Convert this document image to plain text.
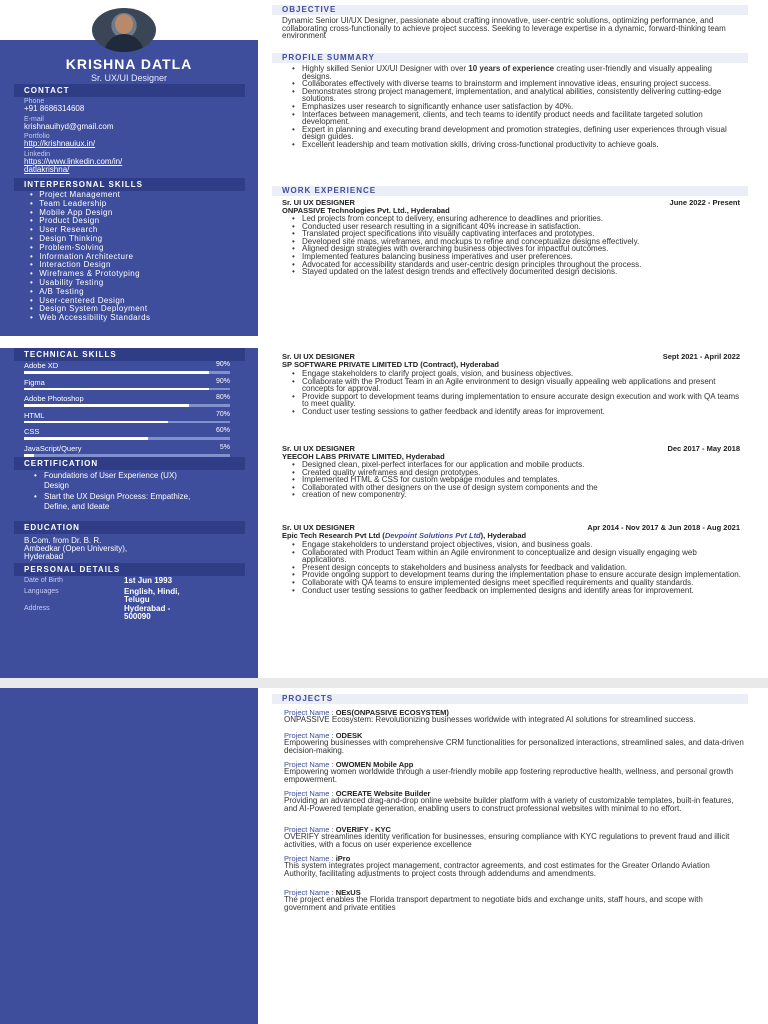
KRISHNA DATLA
Sr. UX/UI Designer
CONTACT
Phone
+91 8686314608
E-mail
krishnauihyd@gmail.com
Portfolio
http://krishnauiux.in/
Linkedin
https://www.linkedin.com/in/
datlakrishna/
INTERPERSONAL SKILLS
• Project Management
• Team Leadership
• Mobile App Design
• Product Design
• User Research
• Design Thinking
• Problem-Solving
• Information Architecture
• Interaction Design
• Wireframes & Prototyping
• Usability Testing
• A/B Testing
• User-centered Design
• Design System Deployment
• Web Accessibility Standards
TECHNICAL SKILLS
Adobe XD	90%
Figma	90%
Adobe Photoshop	80%
HTML	70%
CSS	60%
JavaScript/Query	5%
CERTIFICATION
• Foundations of User Experience (UX) Design
• Start the UX Design Process: Empathize, Define, and Ideate
EDUCATION
B.Com. from Dr. B. R.
Ambedkar (Open University),
Hyderabad
PERSONAL DETAILS
Date of Birth	1st Jun 1993
Languages	English, Hindi,
Telugu
Address	Hyderabad -
500090
OBJECTIVE
Dynamic Senior UI/UX Designer, passionate about crafting innovative, user-centric solutions, optimizing performance, and collaborating cross-functionally to achieve project success. Seeking to leverage expertise in a dynamic, forward-thinking team environment
PROFILE SUMMARY
• Highly skilled Senior UX/UI Designer with over 10 years of experience creating user-friendly and visually appealing designs.
• Collaborates effectively with diverse teams to brainstorm and implement innovative ideas, ensuring project success.
• Demonstrates strong project management, implementation, and analytical abilities, consistently delivering cutting-edge solutions.
• Emphasizes user research to significantly enhance user satisfaction by 40%.
• Interfaces between management, clients, and tech teams to identify product needs and facilitate targeted solution development.
• Expert in planning and executing brand development and promotion strategies, defining user experiences through visual design guides.
• Excellent leadership and team motivation skills, driving cross-functional productivity to achieve goals.
WORK EXPERIENCE
Sr. UI UX DESIGNER	June 2022 - Present
ONPASSIVE Technologies Pvt. Ltd., Hyderabad
• Led projects from concept to delivery, ensuring adherence to deadlines and priorities.
• Conducted user research resulting in a significant 40% increase in satisfaction.
• Translated project specifications into visually captivating interfaces and prototypes.
• Developed site maps, wireframes, and mockups to refine and conceptualize designs effectively.
• Aligned design strategies with overarching business objectives for impactful outcomes.
• Implemented features balancing business imperatives and user preferences.
• Advocated for accessibility standards and user-centric design principles throughout the process.
• Stayed updated on the latest design trends and effectively documented design decisions.
Sr. UI UX DESIGNER	Sept 2021 - April 2022
SP SOFTWARE PRIVATE LIMITED LTD (Contract), Hyderabad
• Engage stakeholders to clarify project goals, vision, and business objectives.
• Collaborate with the Product Team in an Agile environment to design visually appealing web applications and present concepts for approval.
• Provide support to development teams during implementation to ensure accurate design execution and work with QA teams to meet quality.
• Conduct user testing sessions to gather feedback and identify areas for improvement.
Sr. UI UX DESIGNER	Dec 2017 - May 2018
YEECOH LABS PRIVATE LIMITED, Hyderabad
• Designed clean, pixel-perfect interfaces for our application and mobile products.
• Created quality wireframes and design prototypes.
• Implemented HTML & CSS for custom webpage modules and templates.
• Collaborated with other designers on the use of design system components and the
• creation of new componentry.
Sr. UI UX DESIGNER	Apr 2014 - Nov 2017 & Jun 2018 - Aug 2021
Epic Tech Research Pvt Ltd (Devpoint Solutions Pvt Ltd), Hyderabad
• Engage stakeholders to understand project objectives, vision, and business goals.
• Collaborated with Product Team within an Agile environment to conceptualize and design visually engaging web applications.
• Present design concepts to stakeholders and business analysts for feedback and validation.
• Provide ongoing support to development teams during the implementation phase to ensure accurate design implementation.
• Collaborate with QA teams to ensure implemented designs meet specified requirements and quality standards.
• Conduct user testing sessions to gather feedback on implemented designs and identify areas for improvement.
PROJECTS
Project Name : OES(ONPASSIVE ECOSYSTEM)
ONPASSIVE Ecosystem: Revolutionizing businesses worldwide with integrated AI solutions for streamlined success.
Project Name : ODESK
Empowering businesses with comprehensive CRM functionalities for personalized interactions, streamlined sales, and data-driven decision-making.
Project Name : OWOMEN Mobile App
Empowering women worldwide through a user-friendly mobile app fostering reproductive health, wellness, and personal growth empowerment.
Project Name : OCREATE Website Builder
Providing an advanced drag-and-drop online website builder platform with a variety of customizable templates, built-in features, and AI-Powered template generation, enabling users to construct professional websites with minimal to no effort.
Project Name : OVERIFY - KYC
OVERIFY streamlines identity verification for businesses, ensuring compliance with KYC regulations to prevent fraud and illicit activities, with a focus on user experience excellence
Project Name : iPro
This system integrates project management, contractor agreements, and cost estimates for the Greater Orlando Aviation Authority, facilitating adjustments to project costs through addendums and amendments.
Project Name : NExUS
The project enables the Florida transport department to negotiate bids and exchange units, staff hours, and scope with government and private entities
